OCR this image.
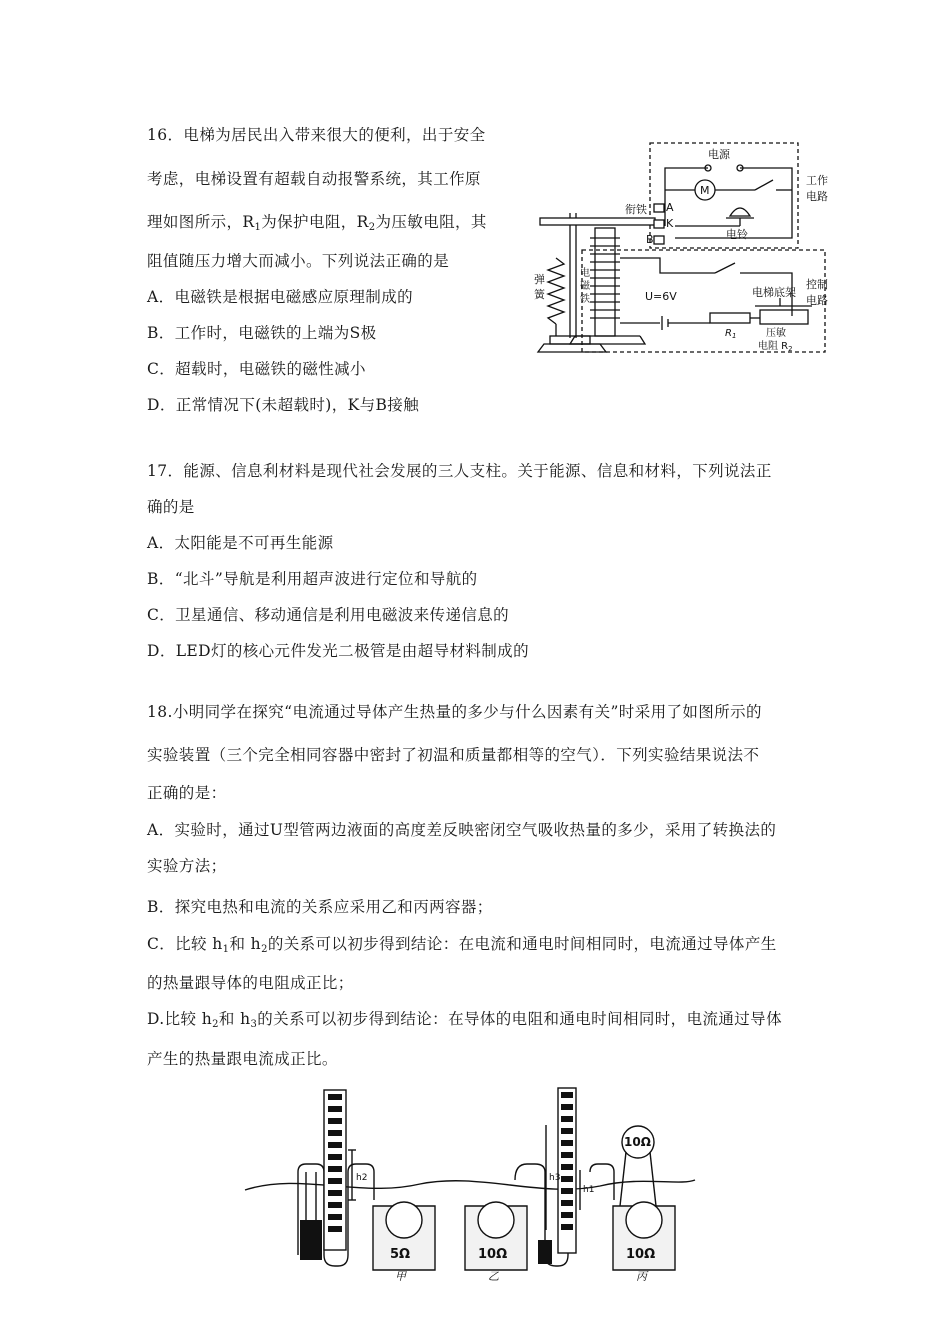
16．电梯为居民出入带来很大的便利，出于安全
考虑，电梯设置有超载自动报警系统，其工作原
理如图所示，$R_1$为保护电阻，$R_2$为压敏电阻，其
阻值随压力增大而减小。下列说法正确的是
A．电磁铁是根据电磁感应原理制成的
B．工作时，电磁铁的上端为S极
C．超载时，电磁铁的磁性减小
D．正常情况下(未超载时)，K与B接触
电源
M
工作
电路
衔铁 A
K
B	电铃
弹
簧
电
磁
铁	U=6V	电梯底架
控制
电路
$R_1$	压敏
电阻 $R_2$
17．能源、信息利材料是现代社会发展的三人支柱。关于能源、信息和材料，下列说法正
确的是
A．太阳能是不可再生能源
B．“北斗”导航是利用超声波进行定位和导航的
C．卫星通信、移动通信是利用电磁波来传递信息的
D．LED灯的核心元件发光二极管是由超导材料制成的
18.小明同学在探究“电流通过导体产生热量的多少与什么因素有关”时采用了如图所示的
实验装置（三个完全相同容器中密封了初温和质量都相等的空气）．下列实验结果说法不
正确的是：
A．实验时，通过U型管两边液面的高度差反映密闭空气吸收热量的多少，采用了转换法的
实验方法；
B．探究电热和电流的关系应采用乙和丙两容器；
C．比较 $h_1$和 $h_2$的关系可以初步得到结论：在电流和通电时间相同时，电流通过导体产生
的热量跟导体的电阻成正比；
D.比较 $h_2$和 $h_3$的关系可以初步得到结论：在导体的电阻和通电时间相同时，电流通过导体
产生的热量跟电流成正比。
5Ω	10Ω	10Ω
10Ω
甲	乙	丙
h2	h3
h1
